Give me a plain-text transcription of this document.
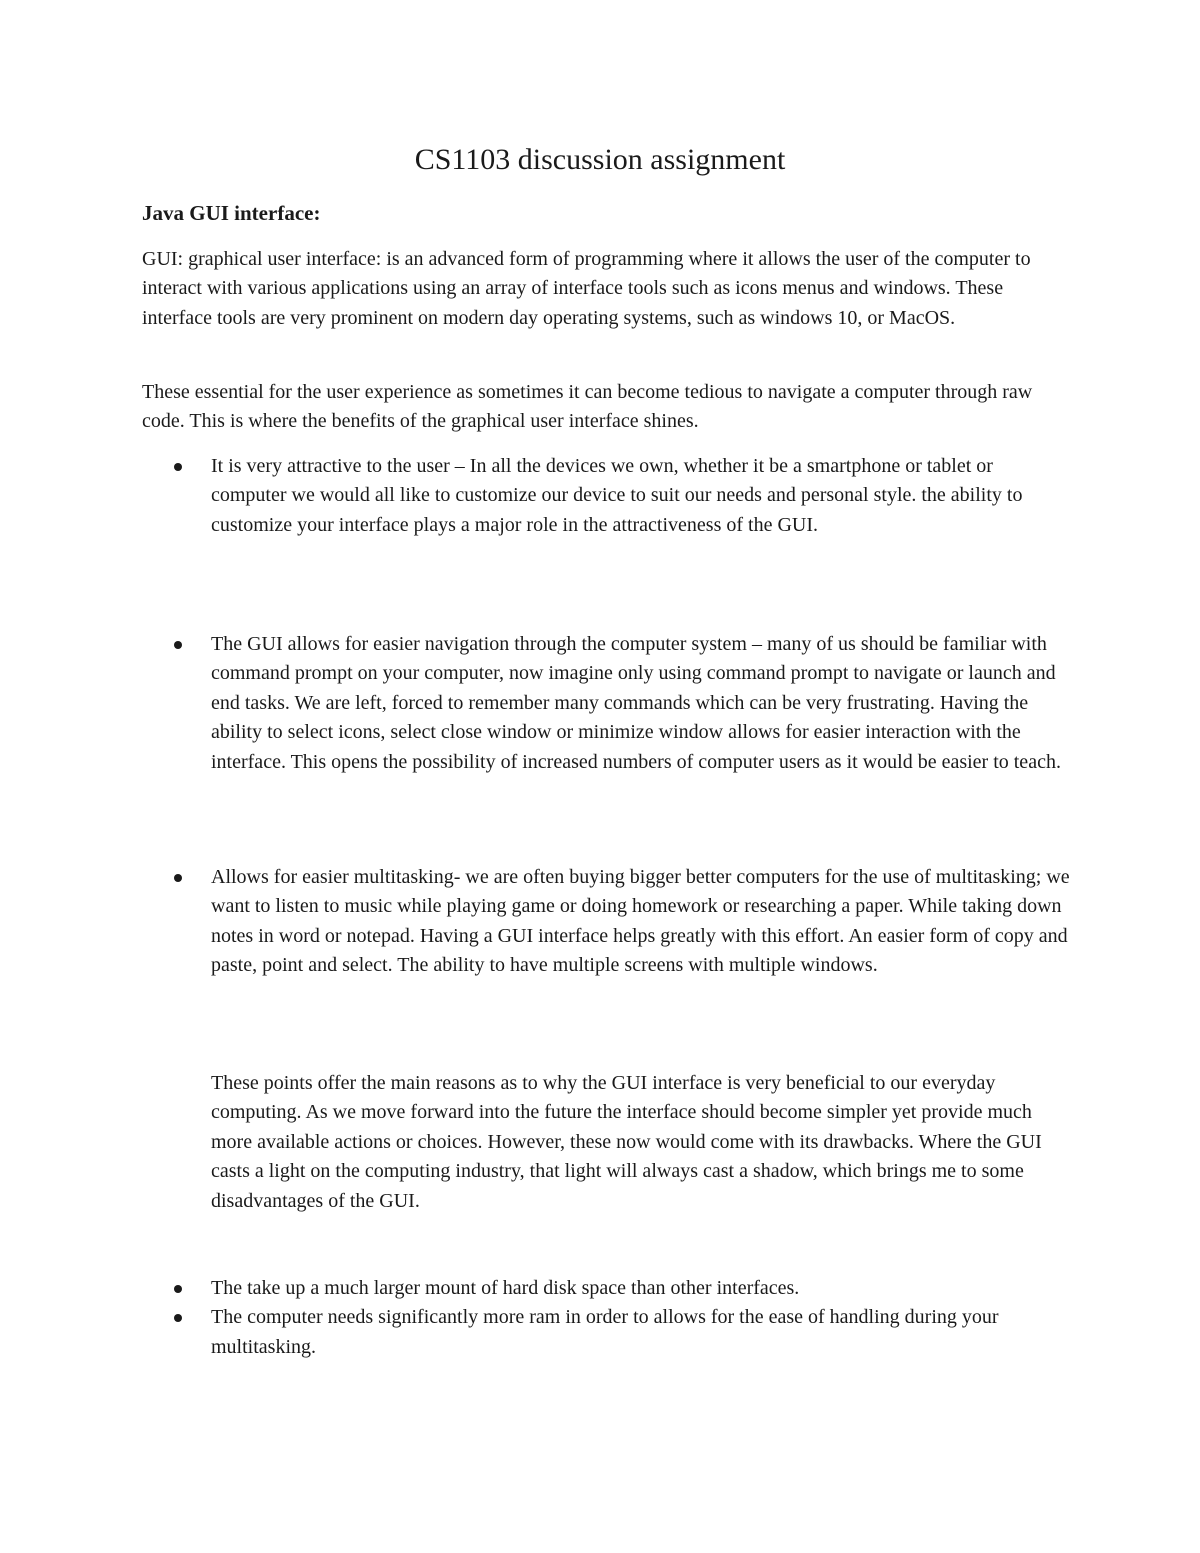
CS1103 discussion assignment
Java GUI interface:

GUI: graphical user interface: is an advanced form of programming where it allows the user of the computer to interact with various applications using an array of interface tools such as icons menus and windows. These interface tools are very prominent on modern day operating systems, such as windows 10, or MacOS.

These essential for the user experience as sometimes it can become tedious to navigate a computer through raw code. This is where the benefits of the graphical user interface shines.

It is very attractive to the user – In all the devices we own, whether it be a smartphone or tablet or computer we would all like to customize our device to suit our needs and personal style. the ability to customize your interface plays a major role in the attractiveness of the GUI.
The GUI allows for easier navigation through the computer system – many of us should be familiar with command prompt on your computer, now imagine only using command prompt to navigate or launch and end tasks. We are left, forced to remember many commands which can be very frustrating. Having the ability to select icons, select close window or minimize window allows for easier interaction with the interface. This opens the possibility of increased numbers of computer users as it would be easier to teach.
Allows for easier multitasking- we are often buying bigger better computers for the use of multitasking; we want to listen to music while playing game or doing homework or researching a paper. While taking down notes in word or notepad. Having a GUI interface helps greatly with this effort. An easier form of copy and paste, point and select. The ability to have multiple screens with multiple windows.

These points offer the main reasons as to why the GUI interface is very beneficial to our everyday computing. As we move forward into the future the interface should become simpler yet provide much more available actions or choices. However, these now would come with its drawbacks. Where the GUI casts a light on the computing industry, that light will always cast a shadow, which brings me to some disadvantages of the GUI.

The take up a much larger mount of hard disk space than other interfaces.
The computer needs significantly more ram in order to allows for the ease of handling during your multitasking.
